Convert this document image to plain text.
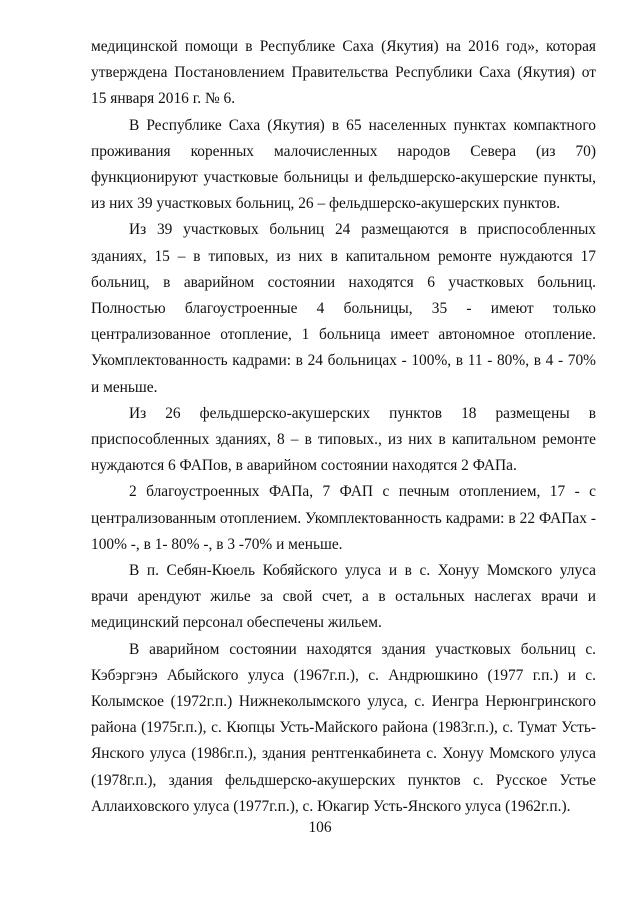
медицинской помощи в Республике Саха (Якутия) на 2016 год», которая утверждена Постановлением Правительства Республики Саха (Якутия) от 15 января 2016 г. № 6.

В Республике Саха (Якутия) в 65 населенных пунктах компактного проживания коренных малочисленных народов Севера (из 70) функционируют участковые больницы и фельдшерско-акушерские пункты, из них 39 участковых больниц, 26 – фельдшерско-акушерских пунктов.

Из 39 участковых больниц 24 размещаются в приспособленных зданиях, 15 – в типовых, из них в капитальном ремонте нуждаются 17 больниц, в аварийном состоянии находятся 6 участковых больниц. Полностью благоустроенные 4 больницы, 35 - имеют только централизованное отопление, 1 больница имеет автономное отопление. Укомплектованность кадрами: в 24 больницах - 100%, в 11 - 80%, в 4 - 70% и меньше.

Из 26 фельдшерско-акушерских пунктов 18 размещены в приспособленных зданиях, 8 – в типовых., из них в капитальном ремонте нуждаются 6 ФАПов, в аварийном состоянии находятся 2 ФАПа.

2 благоустроенных ФАПа, 7 ФАП с печным отоплением, 17 - с централизованным отоплением. Укомплектованность кадрами: в 22 ФАПах - 100% -, в 1- 80% -, в 3 -70% и меньше.

В п. Себян-Кюель Кобяйского улуса и в с. Хонуу Момского улуса врачи арендуют жилье за свой счет, а в остальных наслегах врачи и медицинский персонал обеспечены жильем.

В аварийном состоянии находятся здания участковых больниц с. Кэбэргэнэ Абыйского улуса (1967г.п.), с. Андрюшкино (1977 г.п.) и с. Колымское (1972г.п.) Нижнеколымского улуса, с. Иенгра Нерюнгринского района (1975г.п.), с. Кюпцы Усть-Майского района (1983г.п.), с. Тумат Усть-Янского улуса (1986г.п.), здания рентгенкабинета с. Хонуу Момского улуса (1978г.п.), здания фельдшерско-акушерских пунктов с. Русское Устье Аллаиховского улуса (1977г.п.), с. Юкагир Усть-Янского улуса (1962г.п.).

106
